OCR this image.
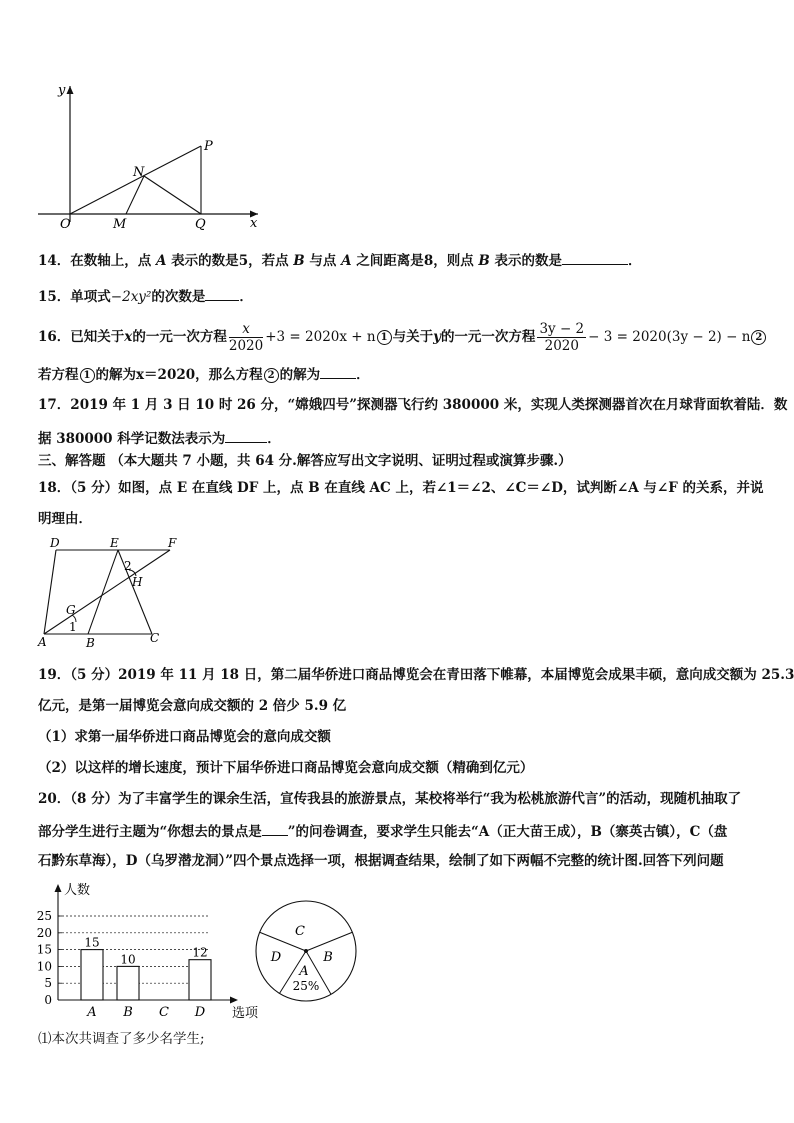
y
x
O	M	Q
N
P
14．在数轴上，点 A 表示的数是5，若点 B 与点 A 之间距离是8，则点 B 表示的数是	．
15．单项式−2xy²的次数是	．
16．已知关于x的一元一次方程 $\frac{x}{2020} +3 = 2020x + n$ 1 与关于y的一元一次方程 $\frac{3y - 2}{2020} - 3 = 2020(3y - 2) - n$ 2
若方程 1 的解为x＝2020，那么方程 2 的解为	．
17．2019 年 1 月 3 日 10 时 26 分，“嫦娥四号”探测器飞行约 380000 米，实现人类探测器首次在月球背面软着陆．数
据 380000 科学记数法表示为	．
三、解答题 （本大题共 7 小题，共 64 分.解答应写出文字说明、证明过程或演算步骤.）
18．（5 分）如图，点 E 在直线 DF 上，点 B 在直线 AC 上，若∠1＝∠2、∠C＝∠D，试判断∠A 与∠F 的关系，并说
明理由．
D	E	F
A	B	C
G
H
1
2
19．（5 分）2019 年 11 月 18 日，第二届华侨进口商品博览会在青田落下帷幕，本届博览会成果丰硕，意向成交额为 25.3
亿元，是第一届博览会意向成交额的 2 倍少 5.9 亿
（1）求第一届华侨进口商品博览会的意向成交额
（2）以这样的增长速度，预计下届华侨进口商品博览会意向成交额（精确到亿元）
20．（8 分）为了丰富学生的课余生活，宣传我县的旅游景点，某校将举行“我为松桃旅游代言”的活动，现随机抽取了
部分学生进行主题为“你想去的景点是 ”的问卷调查，要求学生只能去“A（正大苗王成），B（寨英古镇），C（盘
石黔东草海），D（乌罗潜龙洞）”四个景点选择一项，根据调查结果，绘制了如下两幅不完整的统计图.回答下列问题
0
5
10
15
20
25
人数
选项
15
A
10
B C
12
D
C
D	B
A
25%
⑴本次共调查了多少名学生;
